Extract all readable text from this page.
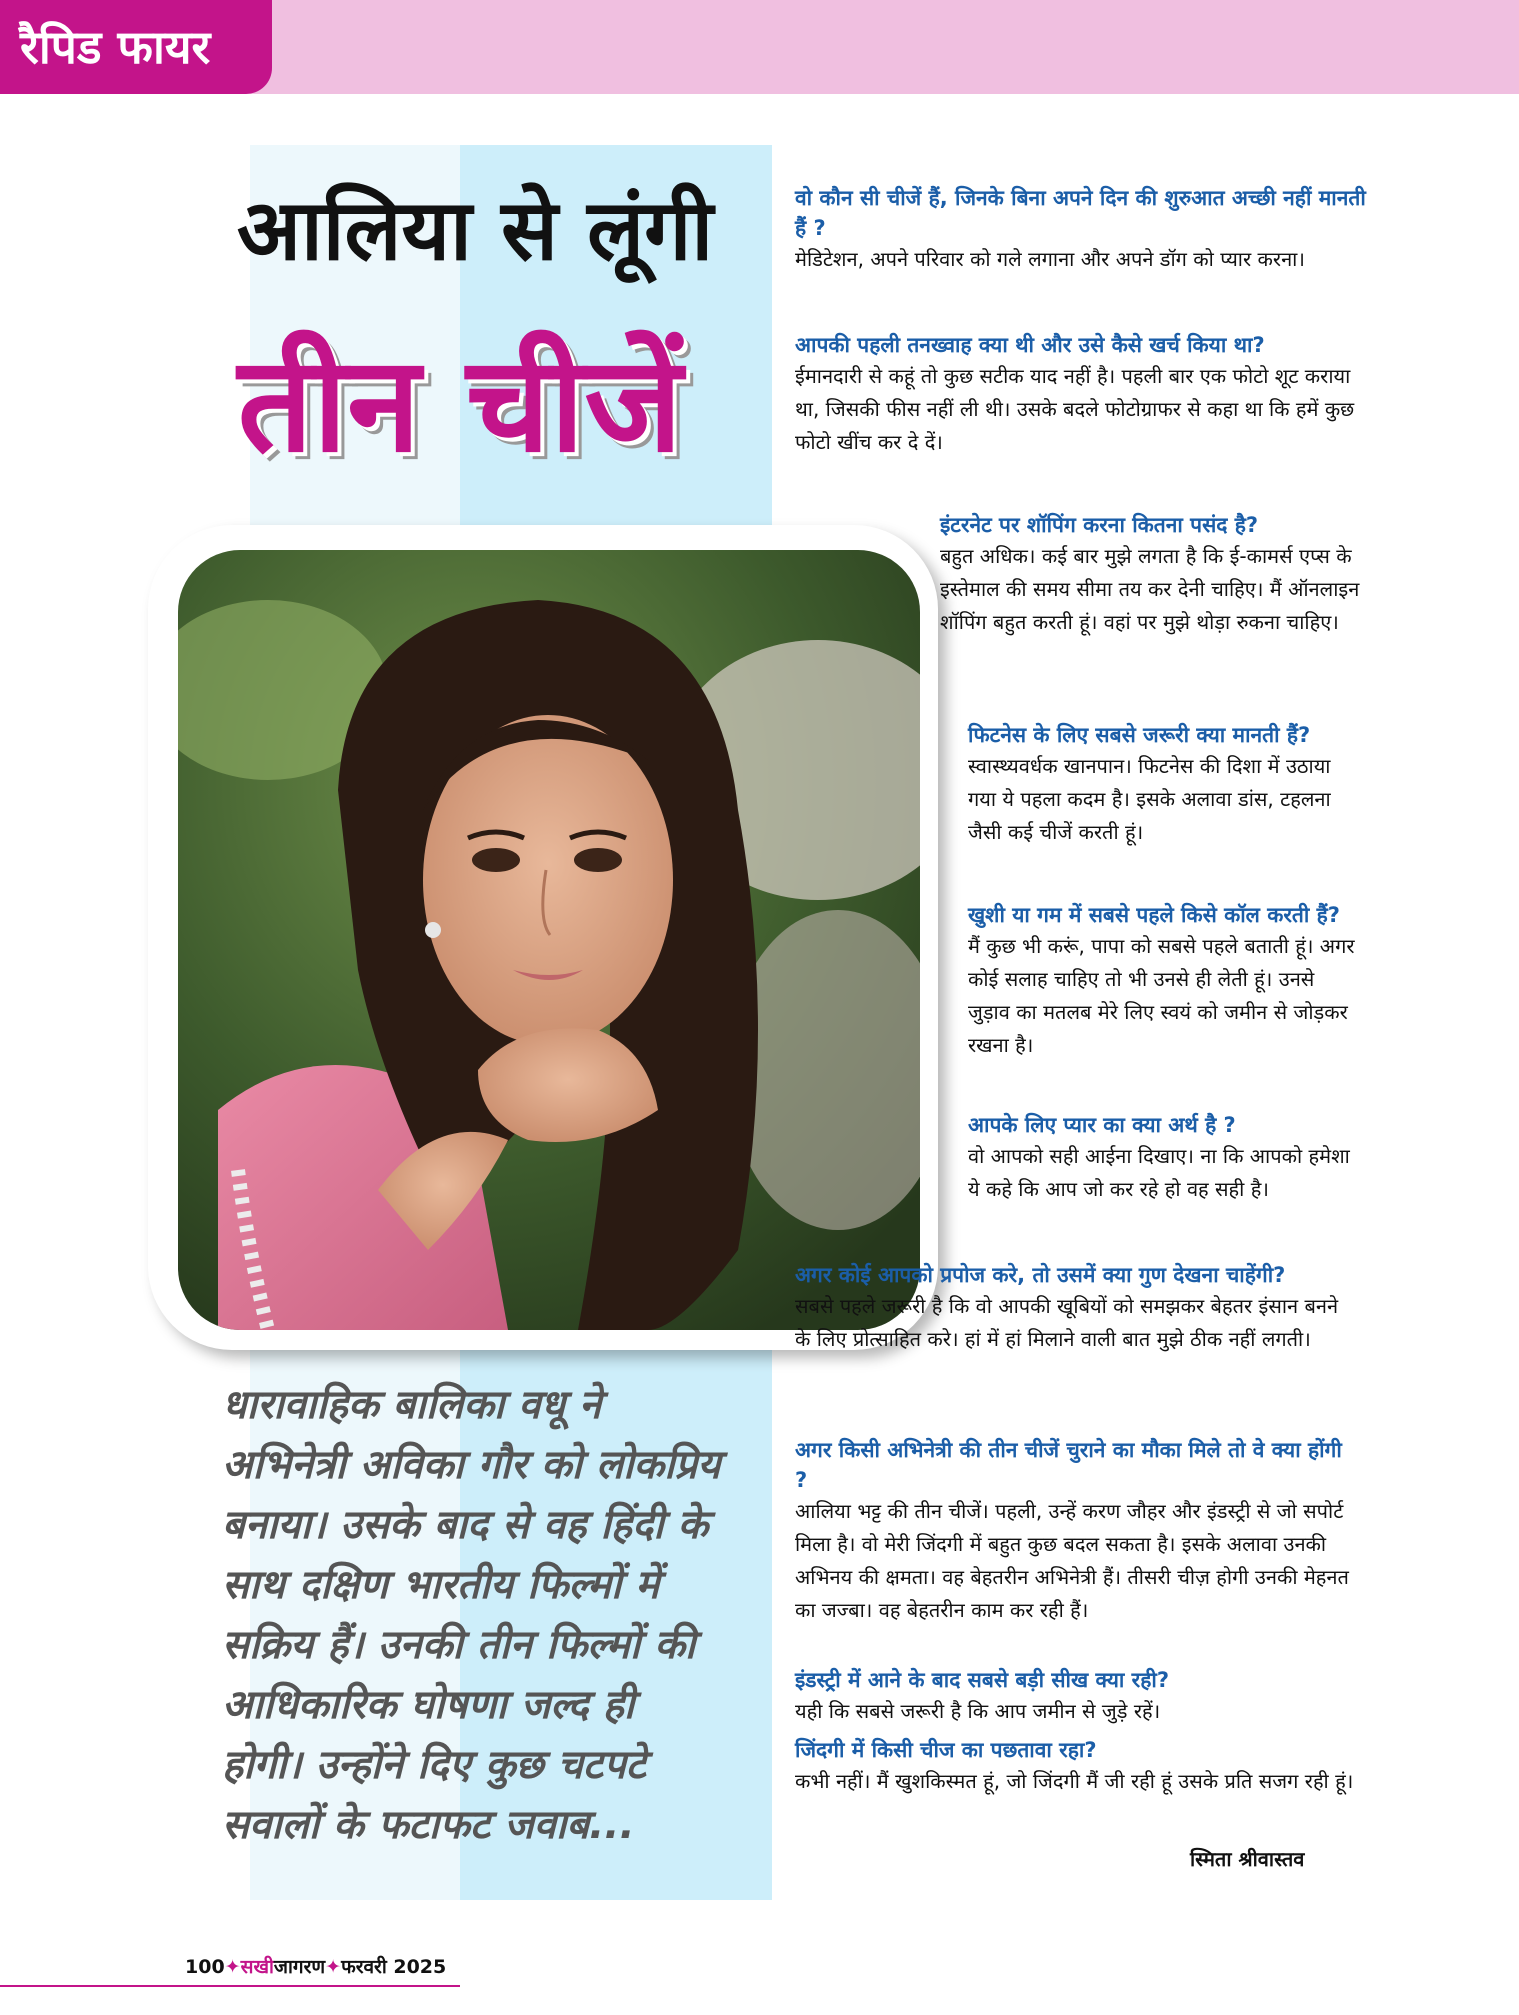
रैपिड फायर
आलिया से लूंगी
तीन चीजें
धारावाहिक बालिका वधू ने अभिनेत्री अविका गौर को लोकप्रिय बनाया। उसके बाद से वह हिंदी के साथ दक्षिण भारतीय फिल्मों में सक्रिय हैं। उनकी तीन फिल्मों की आधिकारिक घोषणा जल्द ही होगी। उन्होंने दिए कुछ चटपटे सवालों के फटाफट जवाब...
वो कौन सी चीजें हैं, जिनके बिना अपने दिन की शुरुआत अच्छी नहीं मानती हैं ?
मेडिटेशन, अपने परिवार को गले लगाना और अपने डॉग को प्यार करना।
आपकी पहली तनख्वाह क्या थी और उसे कैसे खर्च किया था?
ईमानदारी से कहूं तो कुछ सटीक याद नहीं है। पहली बार एक फोटो शूट कराया था, जिसकी फीस नहीं ली थी। उसके बदले फोटोग्राफर से कहा था कि हमें कुछ फोटो खींच कर दे दें।
इंटरनेट पर शॉपिंग करना कितना पसंद है?
बहुत अधिक। कई बार मुझे लगता है कि ई-कामर्स एप्स के इस्तेमाल की समय सीमा तय कर देनी चाहिए। मैं ऑनलाइन शॉपिंग बहुत करती हूं। वहां पर मुझे थोड़ा रुकना चाहिए।
फिटनेस के लिए सबसे जरूरी क्या मानती हैं?
स्वास्थ्यवर्धक खानपान। फिटनेस की दिशा में उठाया गया ये पहला कदम है। इसके अलावा डांस, टहलना जैसी कई चीजें करती हूं।
खुशी या गम में सबसे पहले किसे कॉल करती हैं?
मैं कुछ भी करूं, पापा को सबसे पहले बताती हूं। अगर कोई सलाह चाहिए तो भी उनसे ही लेती हूं। उनसे जुड़ाव का मतलब मेरे लिए स्वयं को जमीन से जोड़कर रखना है।
आपके लिए प्यार का क्या अर्थ है ?
वो आपको सही आईना दिखाए। ना कि आपको हमेशा ये कहे कि आप जो कर रहे हो वह सही है।
अगर कोई आपको प्रपोज करे, तो उसमें क्या गुण देखना चाहेंगी?
सबसे पहले जरूरी है कि वो आपकी खूबियों को समझकर बेहतर इंसान बनने के लिए प्रोत्साहित करे। हां में हां मिलाने वाली बात मुझे ठीक नहीं लगती।
अगर किसी अभिनेत्री की तीन चीजें चुराने का मौका मिले तो वे क्या होंगी ?
आलिया भट्ट की तीन चीजें। पहली, उन्हें करण जौहर और इंडस्ट्री से जो सपोर्ट मिला है। वो मेरी जिंदगी में बहुत कुछ बदल सकता है। इसके अलावा उनकी अभिनय की क्षमता। वह बेहतरीन अभिनेत्री हैं। तीसरी चीज़ होगी उनकी मेहनत का जज्बा। वह बेहतरीन काम कर रही हैं।
इंडस्ट्री में आने के बाद सबसे बड़ी सीख क्या रही?
यही कि सबसे जरूरी है कि आप जमीन से जुड़े रहें।
जिंदगी में किसी चीज का पछतावा रहा?
कभी नहीं। मैं खुशकिस्मत हूं, जो जिंदगी मैं जी रही हूं उसके प्रति सजग रही हूं।
स्मिता श्रीवास्तव
100✦सखीजागरण✦फरवरी 2025
